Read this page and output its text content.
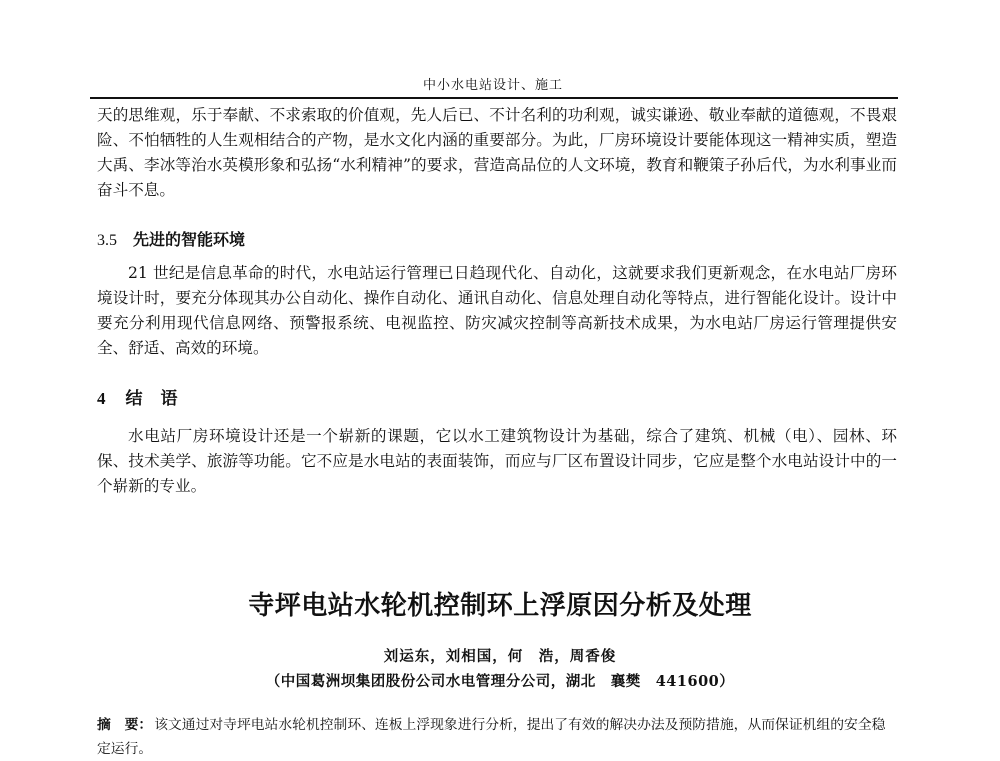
中小水电站设计、施工

天的思维观，乐于奉献、不求索取的价值观，先人后已、不计名利的功利观，诚实谦逊、敬业奉献的道德观，不畏艰险、不怕牺牲的人生观相结合的产物，是水文化内涵的重要部分。为此，厂房环境设计要能体现这一精神实质，塑造大禹、李冰等治水英模形象和弘扬“水利精神”的要求，营造高品位的人文环境，教育和鞭策子孙后代，为水利事业而奋斗不息。

3.5 先进的智能环境

21 世纪是信息革命的时代，水电站运行管理已日趋现代化、自动化，这就要求我们更新观念，在水电站厂房环境设计时，要充分体现其办公自动化、操作自动化、通讯自动化、信息处理自动化等特点，进行智能化设计。设计中要充分利用现代信息网络、预警报系统、电视监控、防灾减灾控制等高新技术成果，为水电站厂房运行管理提供安全、舒适、高效的环境。

4 结语

水电站厂房环境设计还是一个崭新的课题，它以水工建筑物设计为基础，综合了建筑、机械（电）、园林、环保、技术美学、旅游等功能。它不应是水电站的表面装饰，而应与厂区布置设计同步，它应是整个水电站设计中的一个崭新的专业。

寺坪电站水轮机控制环上浮原因分析及处理
刘运东，刘相国，何　浩，周香俊
（中国葛洲坝集团股份公司水电管理分公司，湖北　襄樊　441600）

摘　要： 该文通过对寺坪电站水轮机控制环、连板上浮现象进行分析，提出了有效的解决办法及预防措施，从而保证机组的安全稳定运行。
